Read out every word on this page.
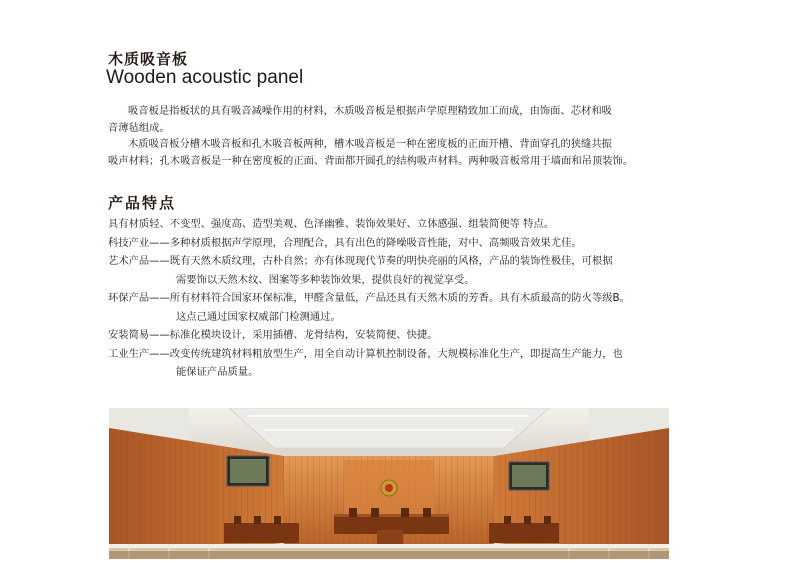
木质吸音板
Wooden acoustic panel

吸音板是指板状的具有吸音减噪作用的材料，木质吸音板是根据声学原理精致加工而成，由饰面、芯材和吸

音薄毡组成。

木质吸音板分槽木吸音板和孔木吸音板两种，槽木吸音板是一种在密度板的正面开槽、背面穿孔的狭缝共振

吸声材料；孔木吸音板是一种在密度板的正面、背面都开圆孔的结构吸声材料。两种吸音板常用于墙面和吊顶装饰。

产品特点
具有材质轻、不变型、强度高、造型美观、色泽幽雅、装饰效果好、立体感强、组装简便等 特点。
科技产业—— 多种材质根据声学原理，合理配合，具有出色的降噪吸音性能，对中、高频吸音效果尤佳。
艺术产品—— 既有天然木质纹理，古朴自然；亦有体现现代节奏的明快亮丽的风格，产品的装饰性极佳，可根据
需要饰以天然木纹、图案等多种装饰效果，提供良好的视觉享受。
环保产品—— 所有材料符合国家环保标准，甲醛含量低，产品还具有天然木质的芳香。具有木质最高的防火等级B。
这点己通过国家权威部门检测通过。
安装简易—— 标准化模块设计，采用插槽、龙骨结构，安装简便、快捷。
工业生产—— 改变传统建筑材料粗放型生产，用全自动计算机控制设备，大规模标准化生产，即提高生产能力，也
能保证产品质量。
